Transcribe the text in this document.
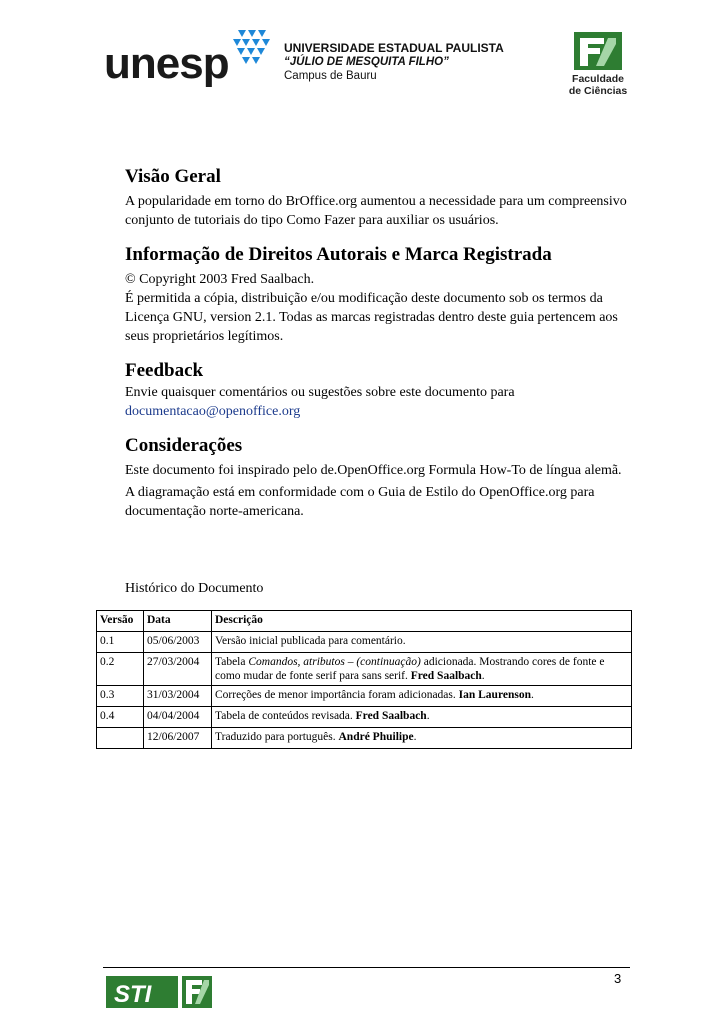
unesp	UNIVERSIDADE ESTADUAL PAULISTA
“JÚLIO DE MESQUITA FILHO”
Campus de Bauru	Faculdade
de Ciências
Visão Geral

A popularidade em torno do BrOffice.org aumentou a necessidade para um compreensivo conjunto de tutoriais do tipo Como Fazer para auxiliar os usuários.

Informação de Direitos Autorais e Marca Registrada

© Copyright 2003 Fred Saalbach.

É permitida a cópia, distribuição e/ou modificação deste documento sob os termos da Licença GNU, version 2.1. Todas as marcas registradas dentro deste guia pertencem aos seus proprietários legítimos.

Feedback

Envie quaisquer comentários ou sugestões sobre este documento para

documentacao@openoffice.org

Considerações

Este documento foi inspirado pelo de.OpenOffice.org Formula How-To de língua alemã.

A diagramação está em conformidade com o Guia de Estilo do OpenOffice.org para documentação norte-americana.

Histórico do Documento
Versão	Data	Descrição
0.1	05/06/2003	Versão inicial publicada para comentário.
0.2	27/03/2004	Tabela Comandos, atributos – (continuação) adicionada. Mostrando cores de fonte e como mudar de fonte serif para sans serif. Fred Saalbach.
0.3	31/03/2004	Correções de menor importância foram adicionadas. Ian Laurenson.
0.4	04/04/2004	Tabela de conteúdos revisada. Fred Saalbach.
	12/06/2007	Traduzido para português. André Phuilipe.
3
STI
